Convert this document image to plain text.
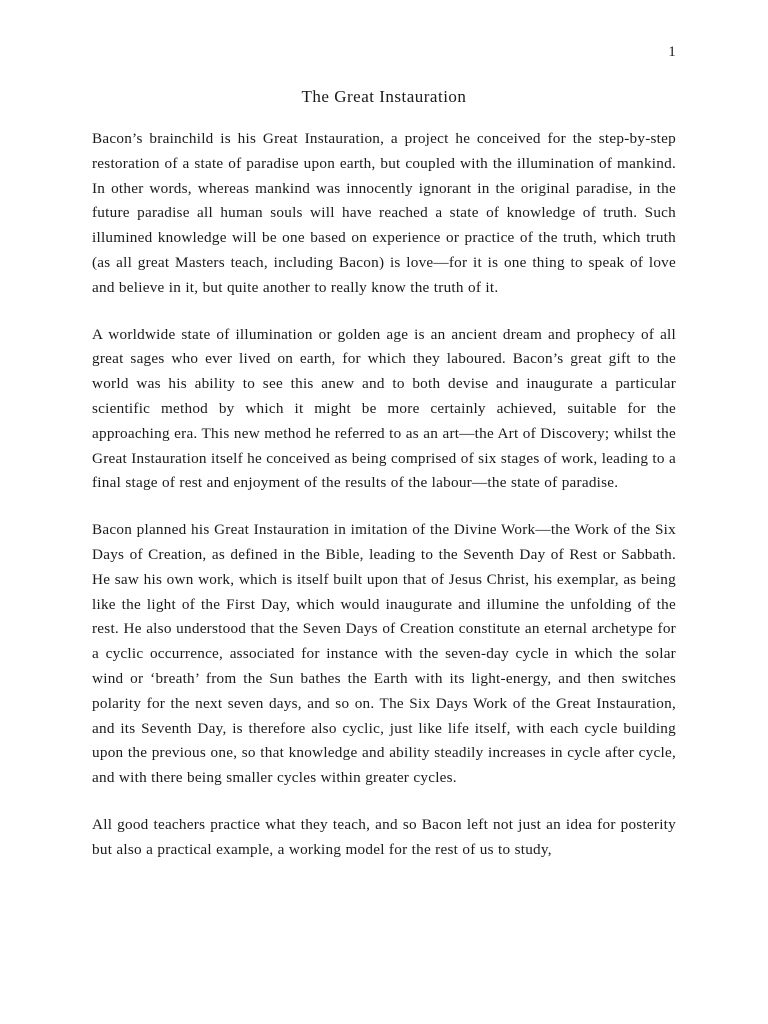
1
The Great Instauration

Bacon’s brainchild is his Great Instauration, a project he conceived for the step-by-step restoration of a state of paradise upon earth, but coupled with the illumination of mankind. In other words, whereas mankind was innocently ignorant in the original paradise, in the future paradise all human souls will have reached a state of knowledge of truth. Such illumined knowledge will be one based on experience or practice of the truth, which truth (as all great Masters teach, including Bacon) is love—for it is one thing to speak of love and believe in it, but quite another to really know the truth of it.

A worldwide state of illumination or golden age is an ancient dream and prophecy of all great sages who ever lived on earth, for which they laboured. Bacon’s great gift to the world was his ability to see this anew and to both devise and inaugurate a particular scientific method by which it might be more certainly achieved, suitable for the approaching era. This new method he referred to as an art—the Art of Discovery; whilst the Great Instauration itself he conceived as being comprised of six stages of work, leading to a final stage of rest and enjoyment of the results of the labour—the state of paradise.

Bacon planned his Great Instauration in imitation of the Divine Work—the Work of the Six Days of Creation, as defined in the Bible, leading to the Seventh Day of Rest or Sabbath. He saw his own work, which is itself built upon that of Jesus Christ, his exemplar, as being like the light of the First Day, which would inaugurate and illumine the unfolding of the rest. He also understood that the Seven Days of Creation constitute an eternal archetype for a cyclic occurrence, associated for instance with the seven-day cycle in which the solar wind or ‘breath’ from the Sun bathes the Earth with its light-energy, and then switches polarity for the next seven days, and so on. The Six Days Work of the Great Instauration, and its Seventh Day, is therefore also cyclic, just like life itself, with each cycle building upon the previous one, so that knowledge and ability steadily increases in cycle after cycle, and with there being smaller cycles within greater cycles.

All good teachers practice what they teach, and so Bacon left not just an idea for posterity but also a practical example, a working model for the rest of us to study,
